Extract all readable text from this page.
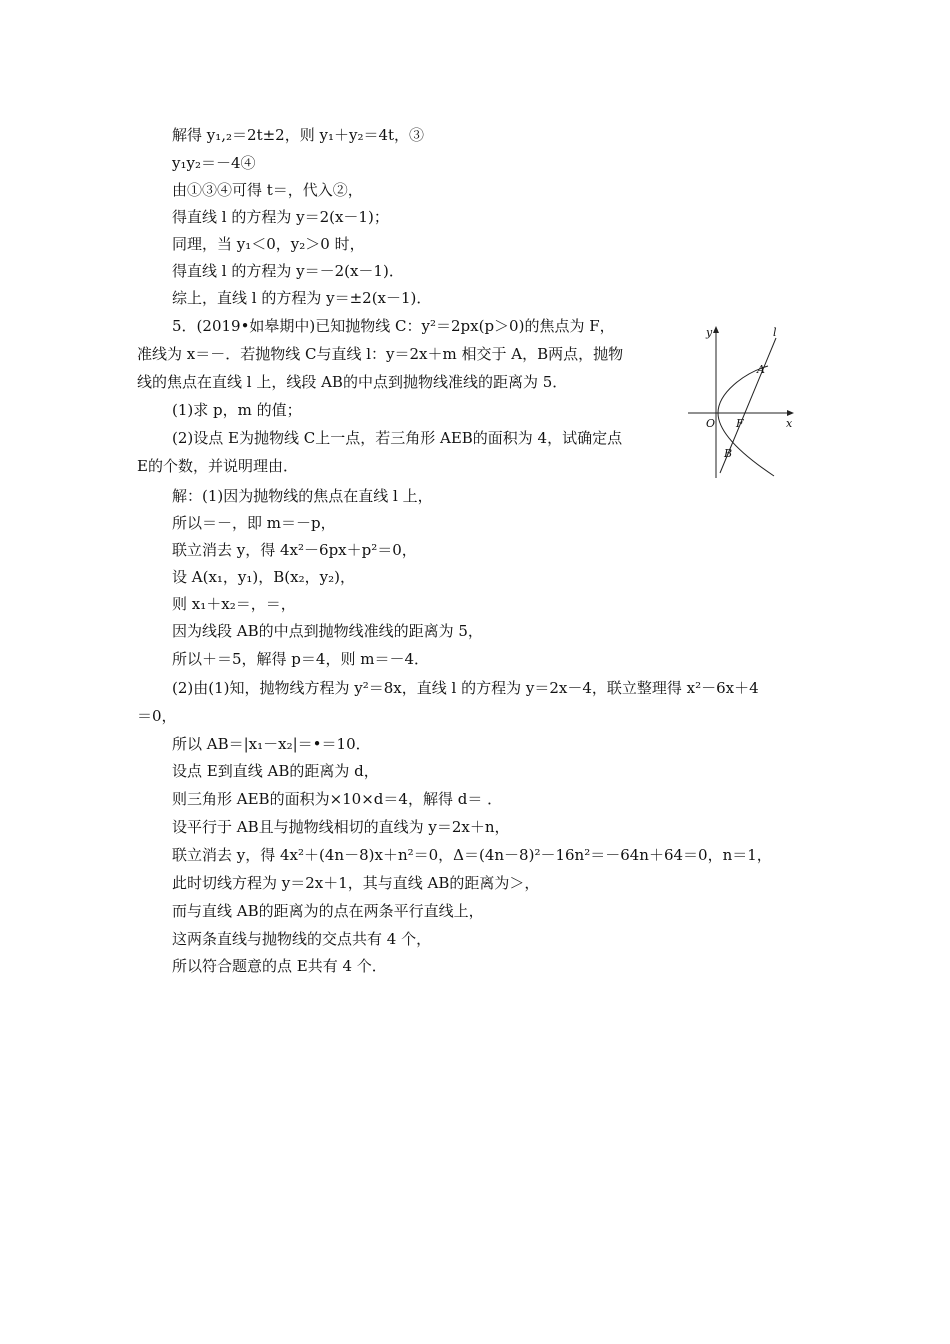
解得 y₁,₂＝2t±2，则 y₁＋y₂＝4t，③
y₁y₂＝－4④
由①③④可得 t＝，代入②，
得直线 l 的方程为 y＝2(x－1)；
同理，当 y₁＜0，y₂＞0 时，
得直线 l 的方程为 y＝－2(x－1)．
综上，直线 l 的方程为 y＝±2(x－1)．
5．(2019•如皋期中)已知抛物线 C：y²＝2px(p＞0)的焦点为 F，
准线为 x＝－．若抛物线 C与直线 l：y＝2x＋m 相交于 A，B两点，抛物
线的焦点在直线 l 上，线段 AB的中点到抛物线准线的距离为 5．
(1)求 p，m 的值；
(2)设点 E为抛物线 C上一点，若三角形 AEB的面积为 4，试确定点
E的个数，并说明理由．
解：(1)因为抛物线的焦点在直线 l 上，
所以＝－，即 m＝－p，
联立消去 y，得 4x²－6px＋p²＝0，
设 A(x₁，y₁)，B(x₂，y₂)，
则 x₁＋x₂＝，＝，
因为线段 AB的中点到抛物线准线的距离为 5，
所以＋＝5，解得 p＝4，则 m＝－4．
(2)由(1)知，抛物线方程为 y²＝8x，直线 l 的方程为 y＝2x－4，联立整理得 x²－6x＋4
＝0，
所以 AB＝|x₁－x₂|＝•＝10．
设点 E到直线 AB的距离为 d，
则三角形 AEB的面积为×10×d＝4，解得 d＝ ．
设平行于 AB且与抛物线相切的直线为 y＝2x＋n，
联立消去 y，得 4x²＋(4n－8)x＋n²＝0，Δ＝(4n－8)²－16n²＝－64n＋64＝0，n＝1，
此时切线方程为 y＝2x＋1，其与直线 AB的距离为＞，
而与直线 AB的距离为的点在两条平行直线上，
这两条直线与抛物线的交点共有 4 个，
所以符合题意的点 E共有 4 个．
y
x
O F
A
B
l
